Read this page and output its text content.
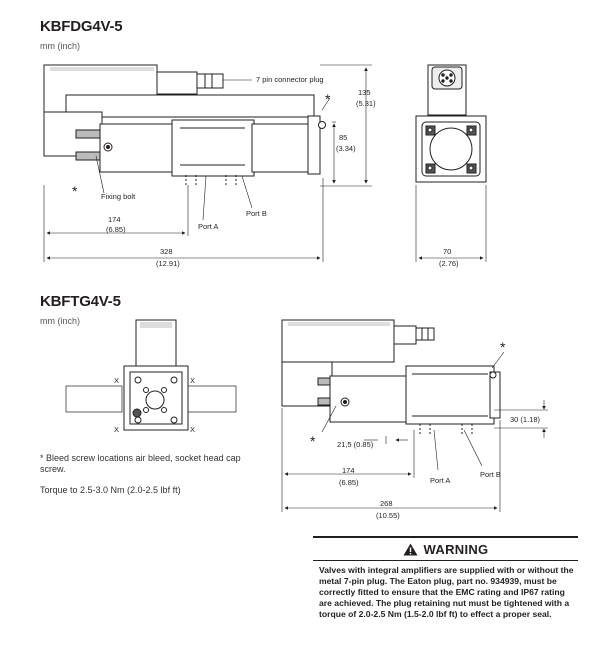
KBFDG4V-5
mm (inch)
KBFTG4V-5
mm (inch)
7 pin connector plug
Fixing bolt
Port A
Port B
*
*
135
(5.31)
85
(3.34)
174
(6.85)
328
(12.91)
70
(2.76)
X	X
X	X
*
*	21,5 (0.85)
30 (1.18)
174
(6.85)	Port A
Port B
268
(10.55)
* Bleed screw locations air bleed, socket head cap screw.
Torque to 2.5-3.0 Nm (2.0-2.5 lbf ft)
WARNING
Valves with integral amplifiers are supplied with or without the metal 7-pin plug. The Eaton plug, part no. 934939, must be correctly fitted to ensure that the EMC rating and IP67 rating are achieved. The plug retaining nut must be tightened with a torque of 2.0-2.5 Nm (1.5-2.0 lbf ft) to effect a proper seal.
